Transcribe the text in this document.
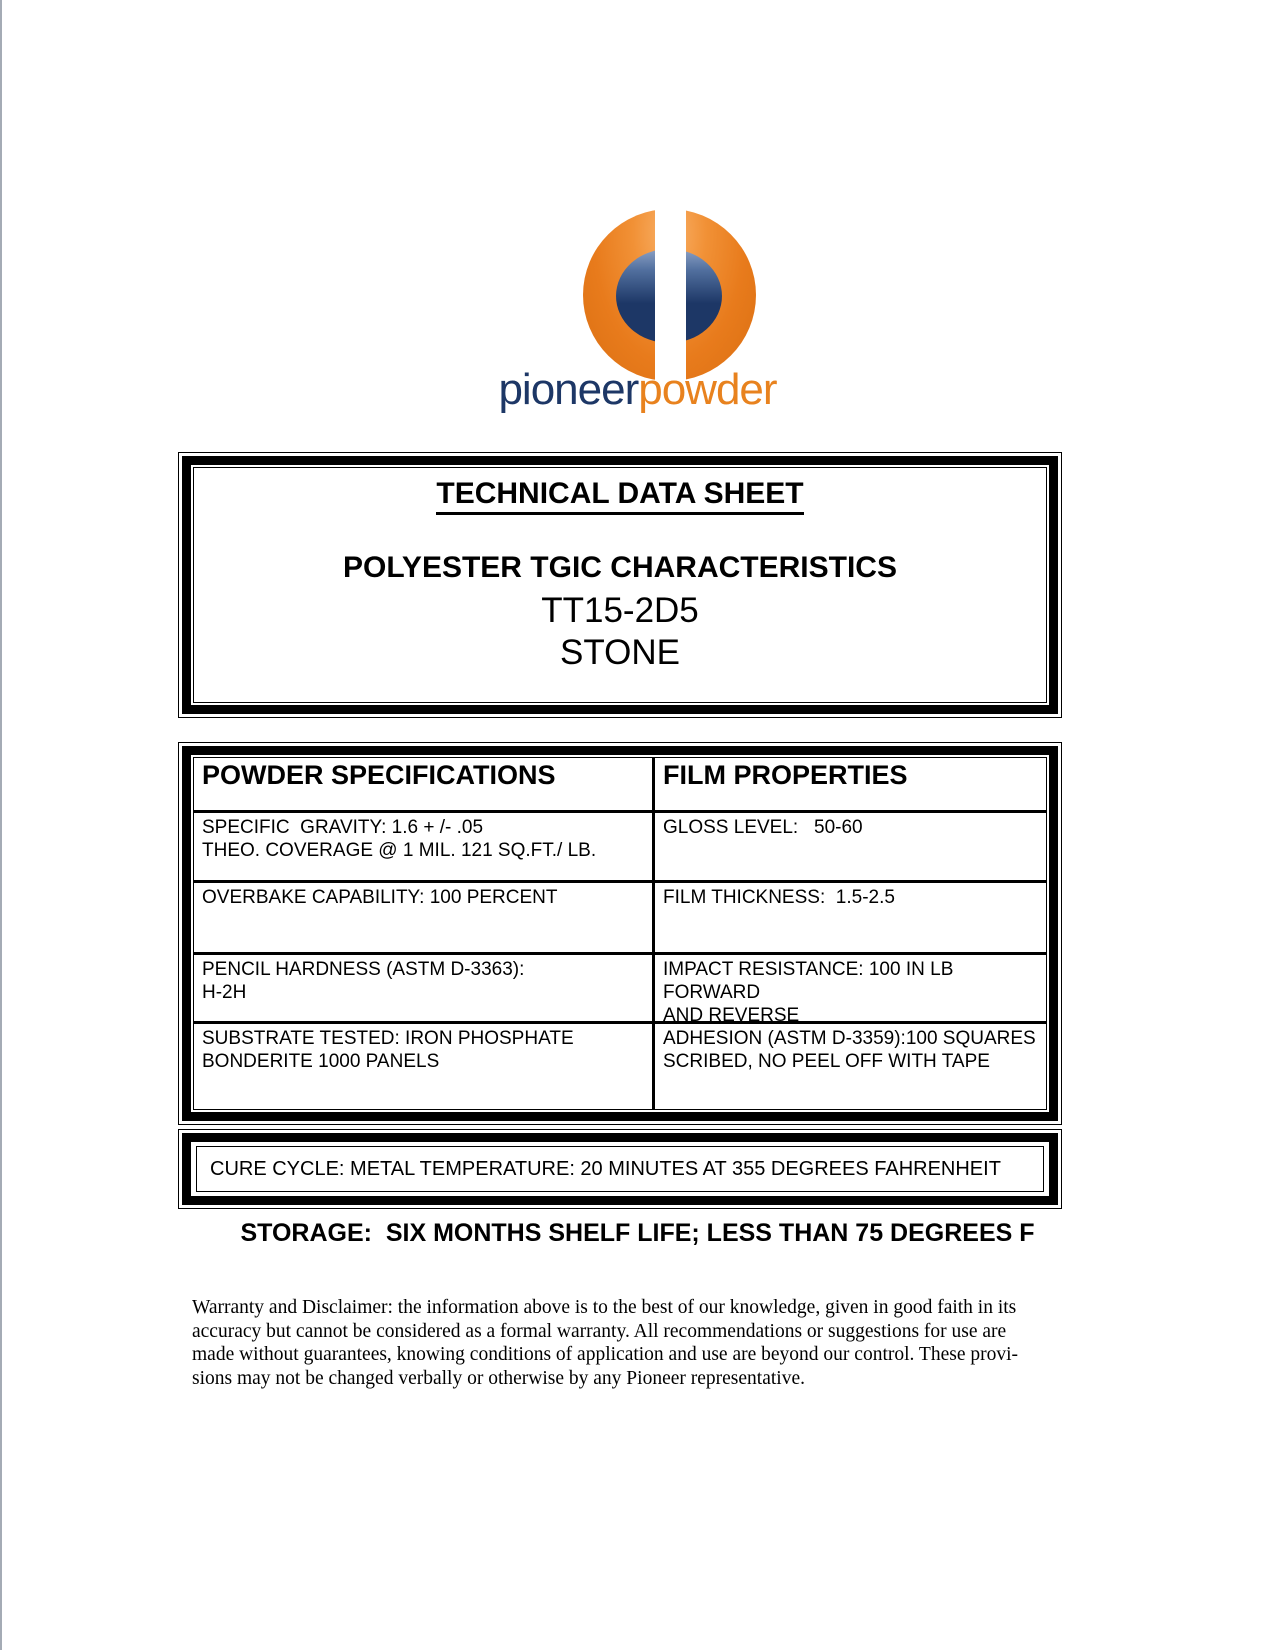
pioneerpowder
TECHNICAL DATA SHEET
POLYESTER TGIC CHARACTERISTICS
TT15-2D5
STONE
POWDER SPECIFICATIONS	FILM PROPERTIES
SPECIFIC  GRAVITY: 1.6 + /- .05
THEO. COVERAGE @ 1 MIL. 121 SQ.FT./ LB.
GLOSS LEVEL:   50-60
OVERBAKE CAPABILITY: 100 PERCENT	FILM THICKNESS:  1.5-2.5
PENCIL HARDNESS (ASTM D-3363):
H-2H
IMPACT RESISTANCE: 100 IN LB FORWARD
AND REVERSE
SUBSTRATE TESTED: IRON PHOSPHATE
BONDERITE 1000 PANELS
ADHESION (ASTM D-3359):100 SQUARES
SCRIBED, NO PEEL OFF WITH TAPE
CURE CYCLE: METAL TEMPERATURE: 20 MINUTES AT 355 DEGREES FAHRENHEIT
STORAGE:  SIX MONTHS SHELF LIFE; LESS THAN 75 DEGREES F
Warranty and Disclaimer: the information above is to the best of our knowledge, given in good faith in its
accuracy but cannot be considered as a formal warranty. All recommendations or suggestions for use are
made without guarantees, knowing conditions of application and use are beyond our control. These provi-
sions may not be changed verbally or otherwise by any Pioneer representative.
